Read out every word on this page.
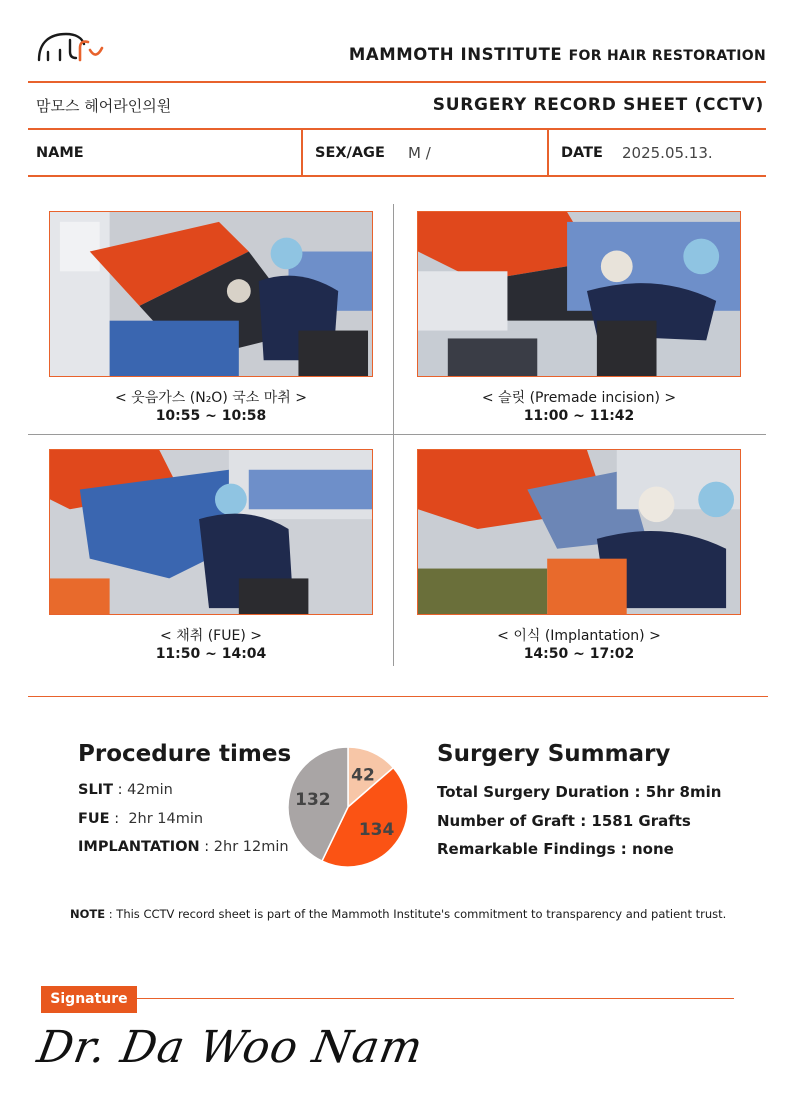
MAMMOTH INSTITUTE FOR HAIR RESTORATION
맘모스 헤어라인의원	SURGERY RECORD SHEET (CCTV)
NAME	SEX/AGE M /	DATE 2025.05.13.
< 웃음가스 (N₂O) 국소 마취 >
10:55 ~ 10:58
< 슬릿 (Premade incision) >
11:00 ~ 11:42
< 채취 (FUE) >
11:50 ~ 14:04
< 이식 (Implantation) >
14:50 ~ 17:02
Procedure times
SLIT : 42min
FUE :  2hr 14min
IMPLANTATION : 2hr 12min
42
134
132
Surgery Summary
Total Surgery Duration : 5hr 8min
Number of Graft : 1581 Grafts
Remarkable Findings : none
NOTE : This CCTV record sheet is part of the Mammoth Institute's commitment to transparency and patient trust.
Signature
Dr. Da Woo Nam
